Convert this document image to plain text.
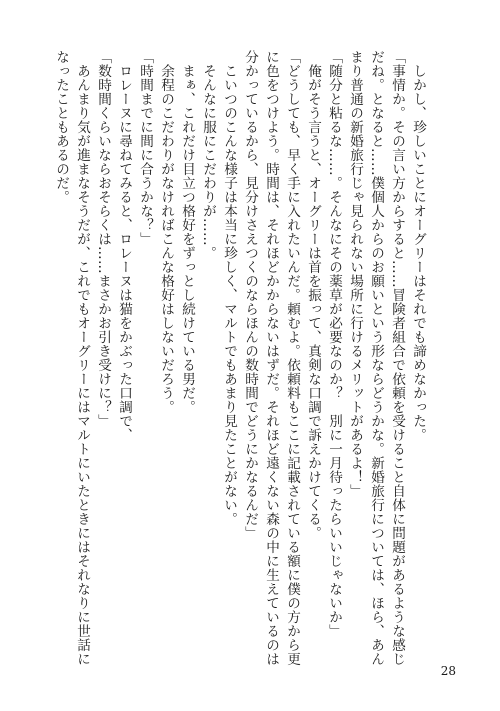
　しかし、珍しいことにオーグリーはそれでも諦めなかった。
「事情か。その言い方からすると……冒険者組合で依頼を受けること自体に問題があるような感じ
だね。となると……僕個人からのお願いという形ならどうかな。新婚旅行については、ほら、あん
まり普通の新婚旅行じゃ見られない場所に行けるメリットがあるよ！」
「随分と粘るな……。そんなにその薬草が必要なのか？　別に一月待ったらいいじゃないか」
　俺がそう言うと、オーグリーは首を振って、真剣な口調で訴えかけてくる。
「どうしても、早く手に入れたいんだ。頼むよ。依頼料もここに記載されている額に僕の方から更
に色をつけよう。時間は、それほどかからないはずだ。それほど遠くない森の中に生えているのは
分かっているから、見分けさえつくのならほんの数時間でどうにかなるんだ」
　こいつのこんな様子は本当に珍しく、マルトでもあまり見たことがない。
　そんなに服にこだわりが……。
　まぁ、これだけ目立つ格好をずっとし続けている男だ。
　余程のこだわりがなければこんな格好はしないだろう。
「時間までに間に合うかな？」
　ロレーヌに尋ねてみると、ロレーヌは猫をかぶった口調で、
「数時間くらいならおそらくは……まさかお引き受けに？」
　あんまり気が進まなそうだが、これでもオーグリーにはマルトにいたときにはそれなりに世話に
なったこともあるのだ。
28
